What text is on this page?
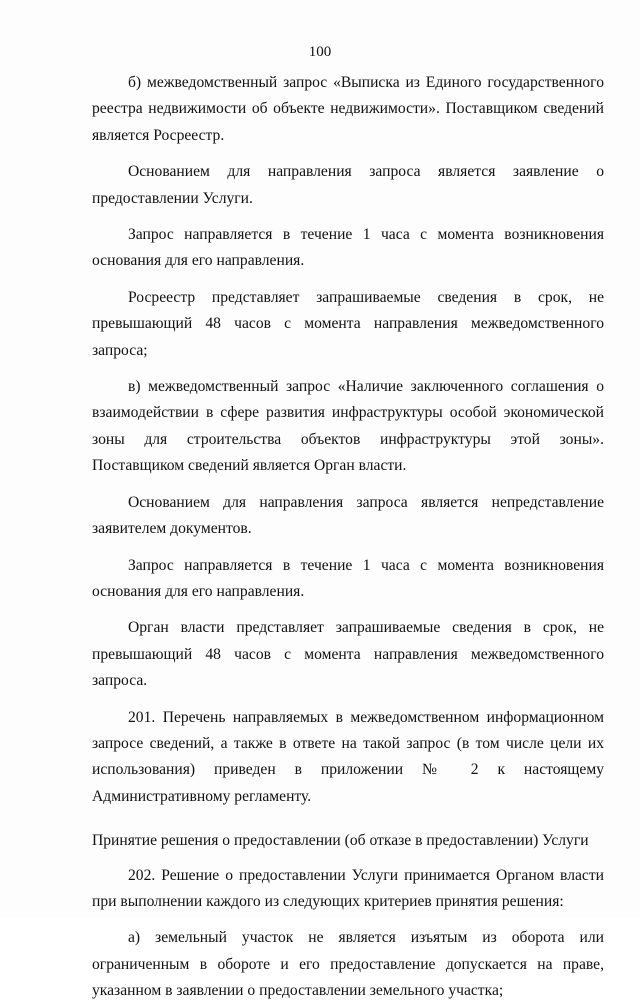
100

б) межведомственный запрос «Выписка из Единого государственного реестра недвижимости об объекте недвижимости». Поставщиком сведений является Росреестр.

Основанием для направления запроса является заявление о предоставлении Услуги.

Запрос направляется в течение 1 часа с момента возникновения основания для его направления.

Росреестр представляет запрашиваемые сведения в срок, не превышающий 48 часов с момента направления межведомственного запроса;

в) межведомственный запрос «Наличие заключенного соглашения о взаимодействии в сфере развития инфраструктуры особой экономической зоны для строительства объектов инфраструктуры этой зоны». Поставщиком сведений является Орган власти.

Основанием для направления запроса является непредставление заявителем документов.

Запрос направляется в течение 1 часа с момента возникновения основания для его направления.

Орган власти представляет запрашиваемые сведения в срок, не превышающий 48 часов с момента направления межведомственного запроса.

201. Перечень направляемых в межведомственном информационном запросе сведений, а также в ответе на такой запрос (в том числе цели их использования) приведен в приложении № 2 к настоящему Административному регламенту.

Принятие решения о предоставлении (об отказе в предоставлении) Услуги

202. Решение о предоставлении Услуги принимается Органом власти при выполнении каждого из следующих критериев принятия решения:

а) земельный участок не является изъятым из оборота или ограниченным в обороте и его предоставление допускается на праве, указанном в заявлении о предоставлении земельного участка;
